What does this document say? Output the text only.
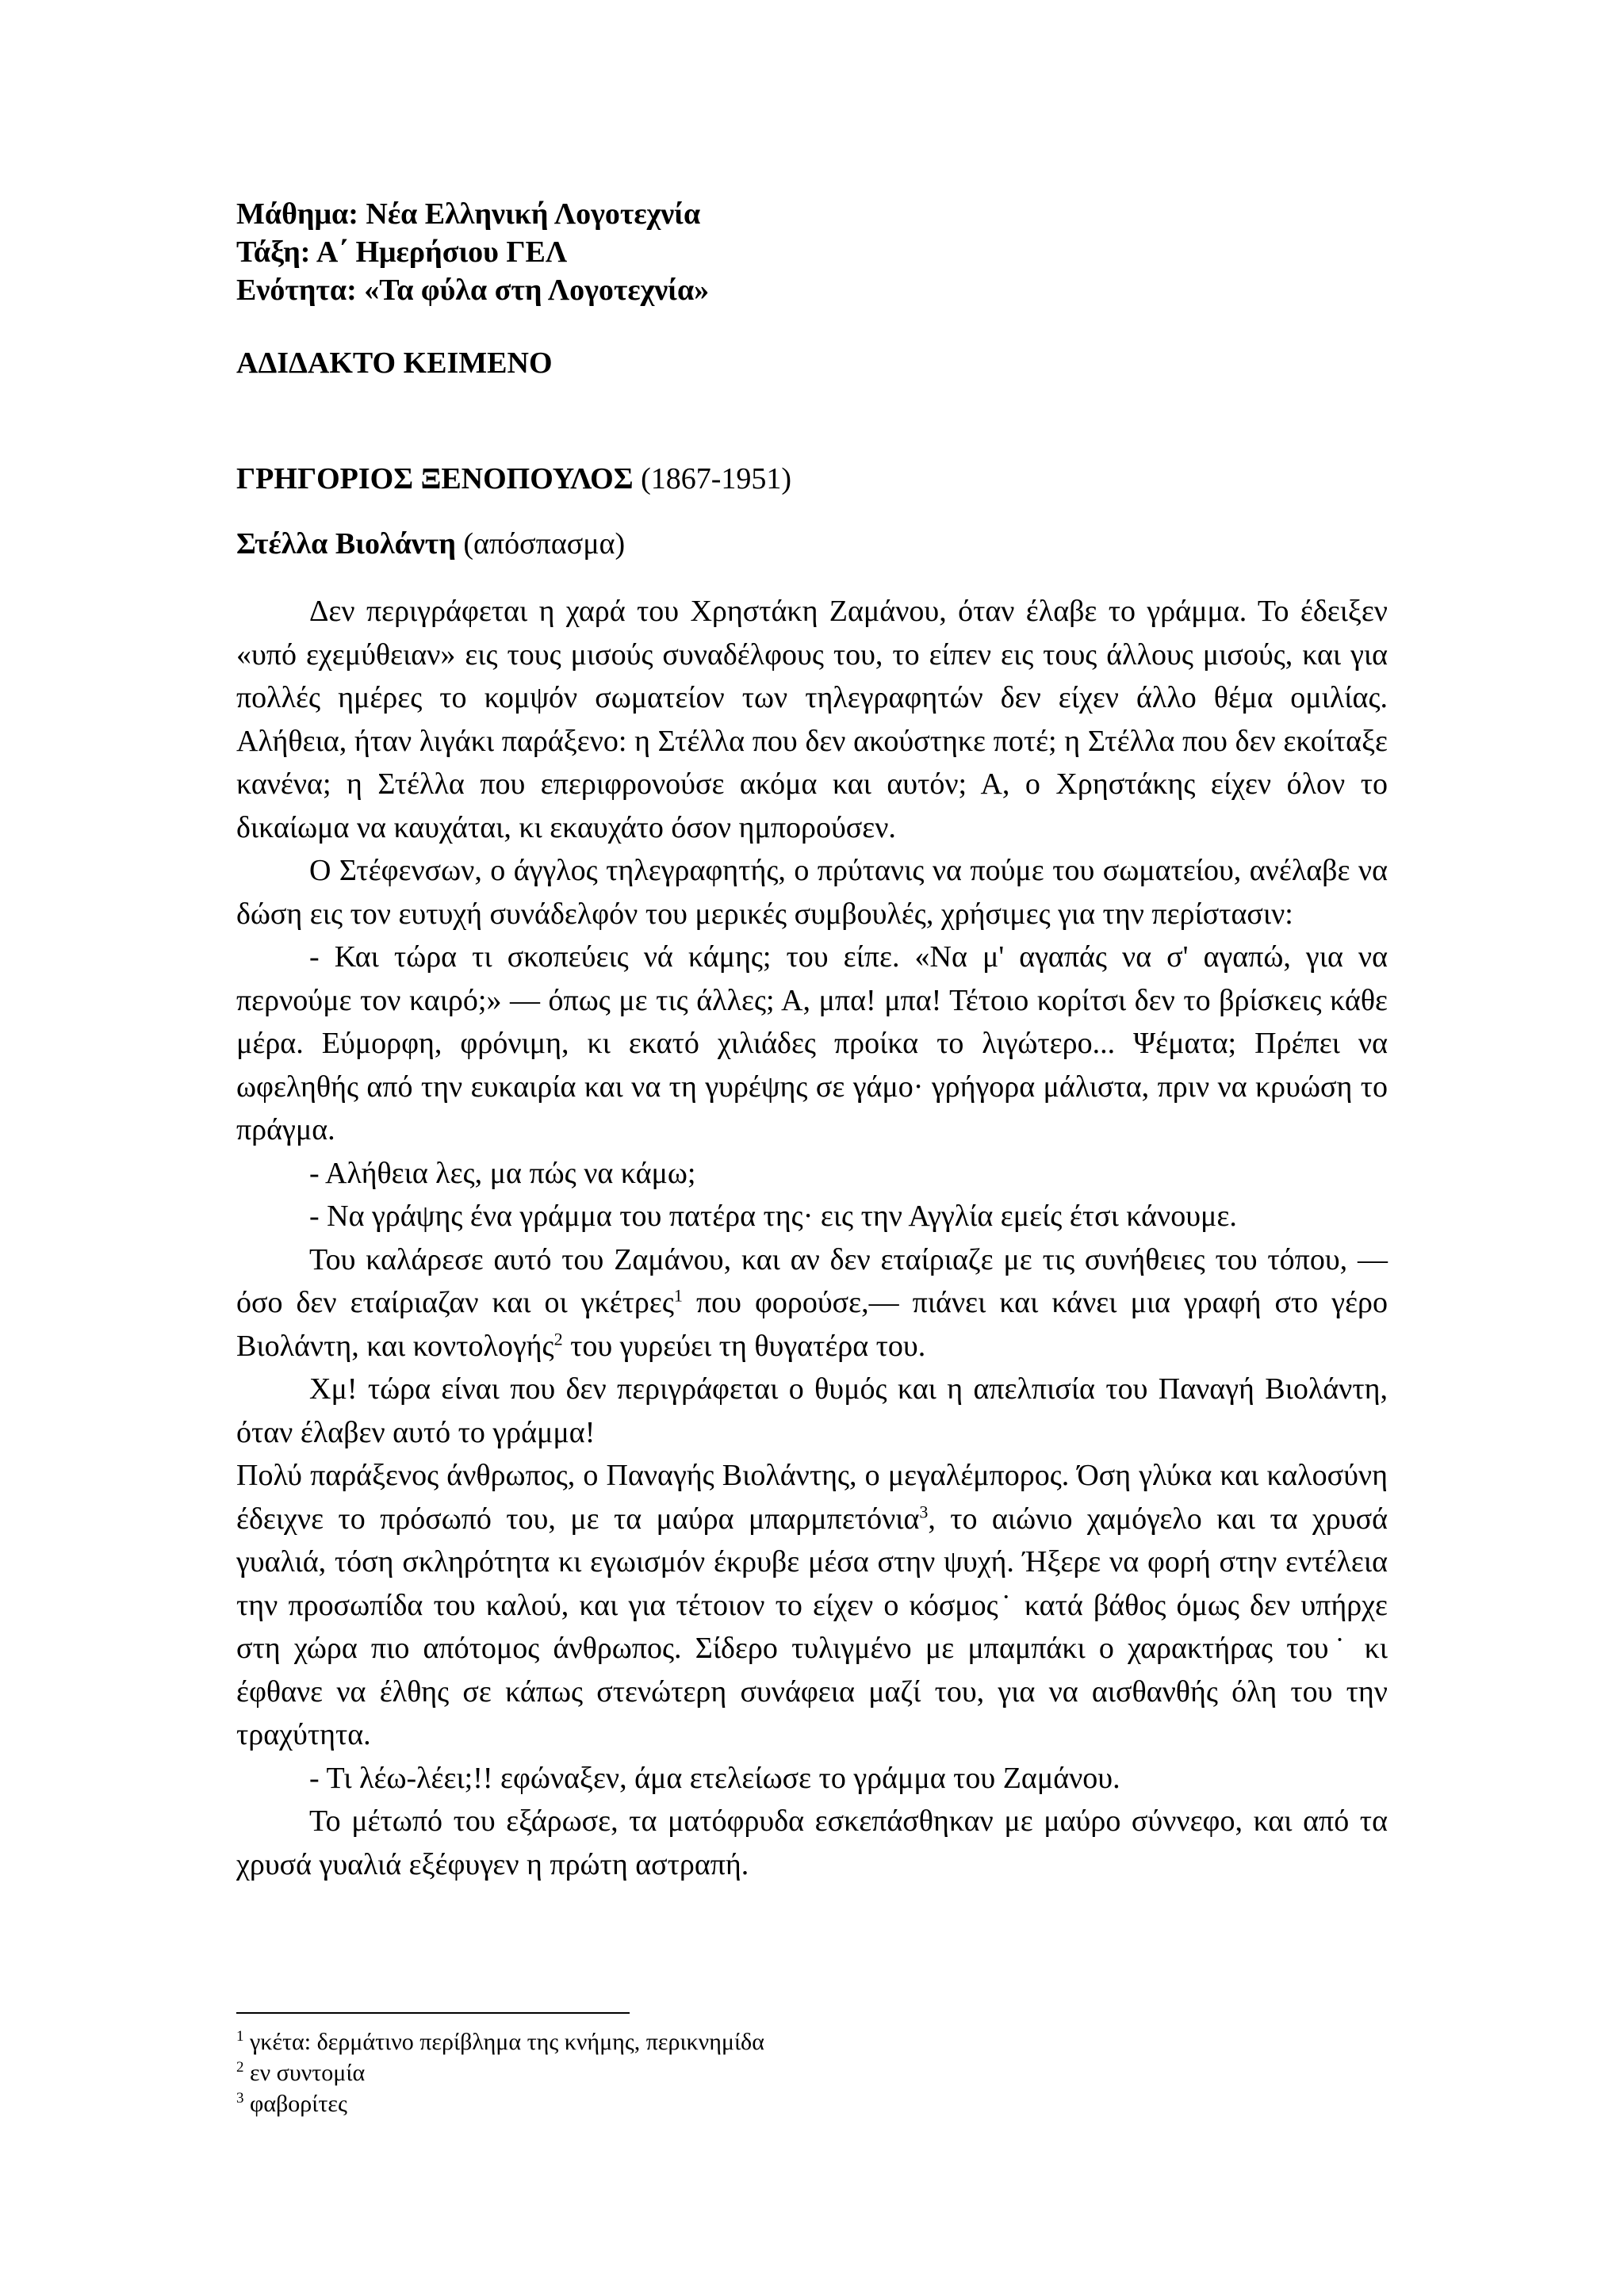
Μάθημα: Νέα Ελληνική Λογοτεχνία
Τάξη: Α΄ Ημερήσιου ΓΕΛ
Ενότητα: «Τα φύλα στη Λογοτεχνία»
ΑΔΙΔΑΚΤΟ ΚΕΙΜΕΝΟ
ΓΡΗΓΟΡΙΟΣ ΞΕΝΟΠΟΥΛΟΣ (1867-1951)
Στέλλα Βιολάντη (απόσπασμα)

Δεν περιγράφεται η χαρά του Χρηστάκη Ζαμάνου, όταν έλαβε το γράμμα. Το έδειξεν «υπό εχεμύθειαν» εις τους μισούς συναδέλφους του, το είπεν εις τους άλλους μισούς, και για πολλές ημέρες το κομψόν σωματείον των τηλεγραφητών δεν είχεν άλλο θέμα ομιλίας. Αλήθεια, ήταν λιγάκι παράξενο: η Στέλλα που δεν ακούστηκε ποτέ; η Στέλλα που δεν εκοίταξε κανένα; η Στέλλα που επεριφρονούσε ακόμα και αυτόν; Α, ο Χρηστάκης είχεν όλον το δικαίωμα να καυχάται, κι εκαυχάτο όσον ημπορούσεν.

Ο Στέφενσων, ο άγγλος τηλεγραφητής, ο πρύτανις να πούμε του σωματείου, ανέλαβε να δώση εις τον ευτυχή συνάδελφόν του μερικές συμβουλές, χρήσιμες για την περίστασιν:

- Και τώρα τι σκοπεύεις νά κάμης; του είπε. «Να μ' αγαπάς να σ' αγαπώ, για να περνούμε τον καιρό;» — όπως με τις άλλες; Α, μπα! μπα! Τέτοιο κορίτσι δεν το βρίσκεις κάθε μέρα. Εύμορφη, φρόνιμη, κι εκατό χιλιάδες προίκα το λιγώτερο... Ψέματα; Πρέπει να ωφεληθής από την ευκαιρία και να τη γυρέψης σε γάμο· γρήγορα μάλιστα, πριν να κρυώση το πράγμα.

- Αλήθεια λες, μα πώς να κάμω;

- Να γράψης ένα γράμμα του πατέρα της· εις την Αγγλία εμείς έτσι κάνουμε.

Του καλάρεσε αυτό του Ζαμάνου, και αν δεν εταίριαζε με τις συνήθειες του τόπου, —όσο δεν εταίριαζαν και οι γκέτρες$^1$ που φορούσε,— πιάνει και κάνει μια γραφή στο γέρο Βιολάντη, και κοντολογής$^2$ του γυρεύει τη θυγατέρα του.

Χμ! τώρα είναι που δεν περιγράφεται ο θυμός και η απελπισία του Παναγή Βιολάντη, όταν έλαβεν αυτό το γράμμα!

Πολύ παράξενος άνθρωπος, ο Παναγής Βιολάντης, ο μεγαλέμπορος. Όση γλύκα και καλοσύνη έδειχνε το πρόσωπό του, με τα μαύρα μπαρμπετόνια$^3$, το αιώνιο χαμόγελο και τα χρυσά γυαλιά, τόση σκληρότητα κι εγωισμόν έκρυβε μέσα στην ψυχή. Ήξερε να φορή στην εντέλεια την προσωπίδα του καλού, και για τέτοιον το είχεν ο κόσμος˙ κατά βάθος όμως δεν υπήρχε στη χώρα πιο απότομος άνθρωπος. Σίδερο τυλιγμένο με μπαμπάκι ο χαρακτήρας του˙ κι έφθανε να έλθης σε κάπως στενώτερη συνάφεια μαζί του, για να αισθανθής όλη του την τραχύτητα.

- Τι λέω-λέει;!! εφώναξεν, άμα ετελείωσε το γράμμα του Ζαμάνου.

Το μέτωπό του εξάρωσε, τα ματόφρυδα εσκεπάσθηκαν με μαύρο σύννεφο, και από τα χρυσά γυαλιά εξέφυγεν η πρώτη αστραπή.

$^1$ γκέτα: δερμάτινο περίβλημα της κνήμης, περικνημίδα
$^2$ εν συντομία
$^3$ φαβορίτες
